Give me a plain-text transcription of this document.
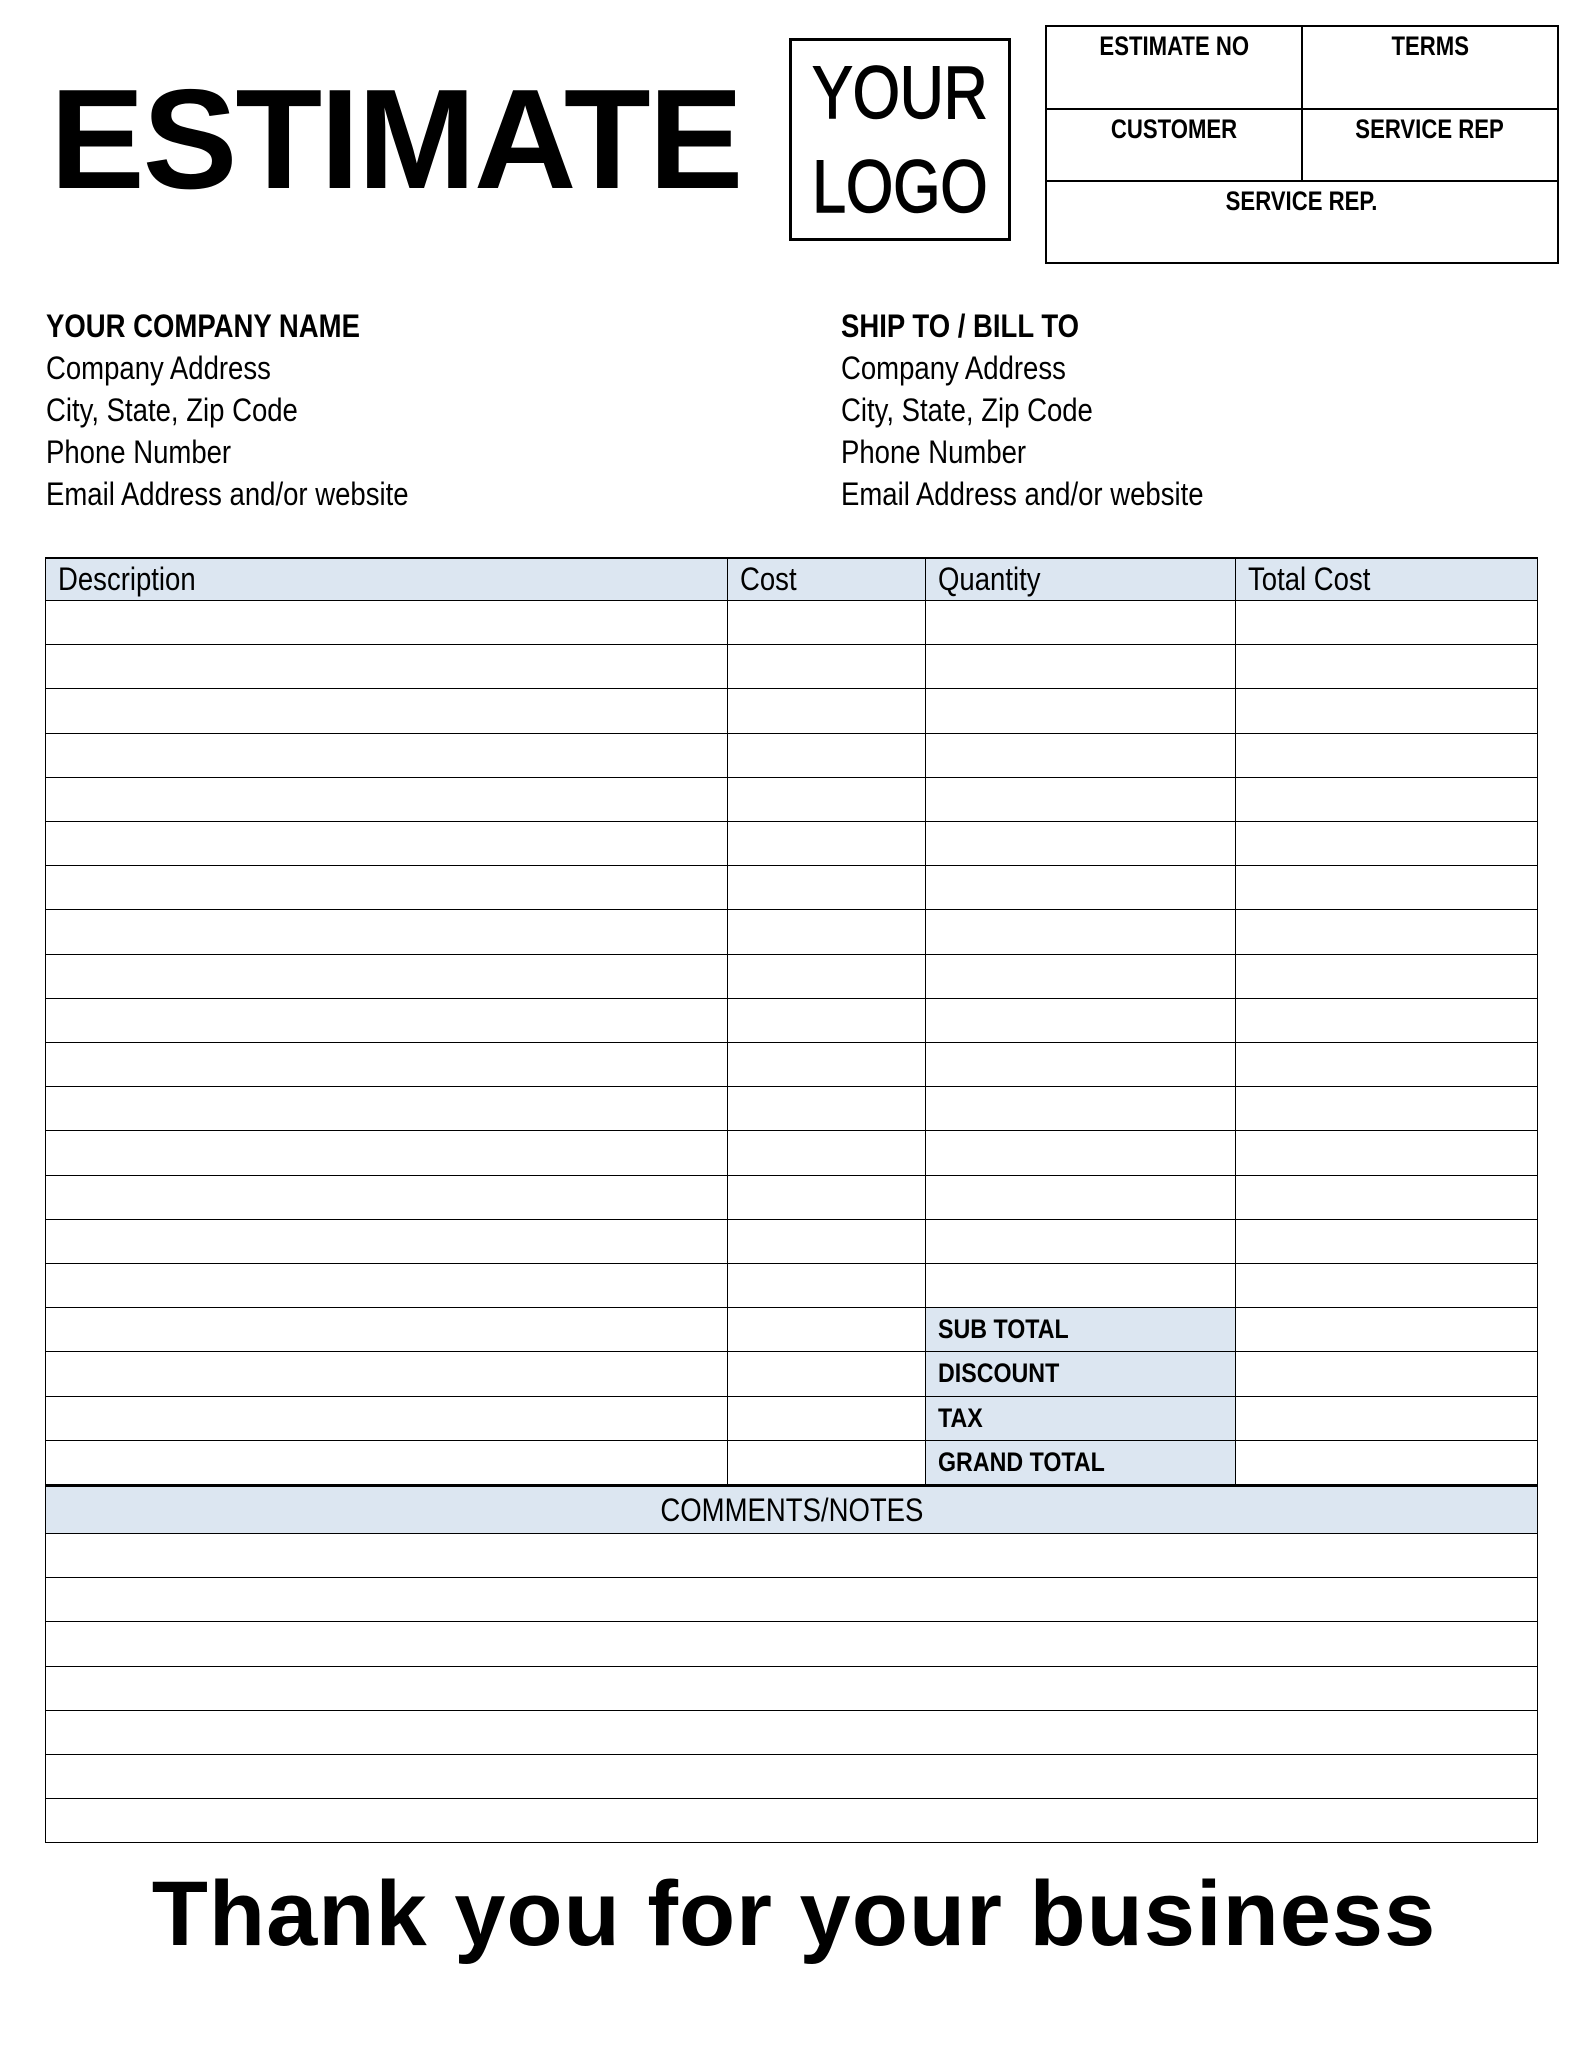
ESTIMATE YOUR
LOGO
ESTIMATE NO	TERMS
CUSTOMER	SERVICE REP
SERVICE REP.
YOUR COMPANY NAME
Company Address
City, State, Zip Code
Phone Number
Email Address and/or website
SHIP TO / BILL TO
Company Address
City, State, Zip Code
Phone Number
Email Address and/or website
Description	Cost	Quantity	Total Cost
SUB TOTAL
DISCOUNT
TAX
GRAND TOTAL
COMMENTS/NOTES
Thank you for your business
